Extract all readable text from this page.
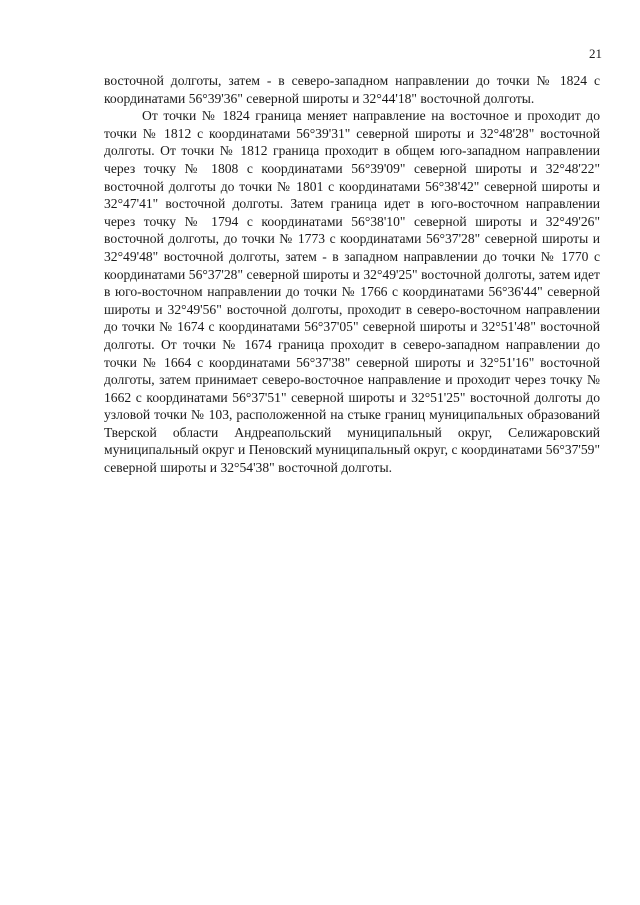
21

восточной долготы, затем - в северо-западном направлении до точки № 1824 с координатами 56°39'36" северной широты и 32°44'18" восточной долготы.

От точки № 1824 граница меняет направление на восточное и проходит до точки № 1812 с координатами 56°39'31" северной широты и 32°48'28" восточной долготы. От точки № 1812 граница проходит в общем юго-западном направлении через точку № 1808 с координатами 56°39'09" северной широты и 32°48'22" восточной долготы до точки № 1801 с координатами 56°38'42" северной широты и 32°47'41" восточной долготы. Затем граница идет в юго-восточном направлении через точку № 1794 с координатами 56°38'10" северной широты и 32°49'26" восточной долготы, до точки № 1773 с координатами 56°37'28" северной широты и 32°49'48" восточной долготы, затем - в западном направлении до точки № 1770 с координатами 56°37'28" северной широты и 32°49'25" восточной долготы, затем идет в юго-восточном направлении до точки № 1766 с координатами 56°36'44" северной широты и 32°49'56" восточной долготы, проходит в северо-восточном направлении до точки № 1674 с координатами 56°37'05" северной широты и 32°51'48" восточной долготы. От точки № 1674 граница проходит в северо-западном направлении до точки № 1664 с координатами 56°37'38" северной широты и 32°51'16" восточной долготы, затем принимает северо-восточное направление и проходит через точку № 1662 с координатами 56°37'51" северной широты и 32°51'25" восточной долготы до узловой точки № 103, расположенной на стыке границ муниципальных образований Тверской области Андреапольский муниципальный округ, Селижаровский муниципальный округ и Пеновский муниципальный округ, с координатами 56°37'59" северной широты и 32°54'38" восточной долготы.
